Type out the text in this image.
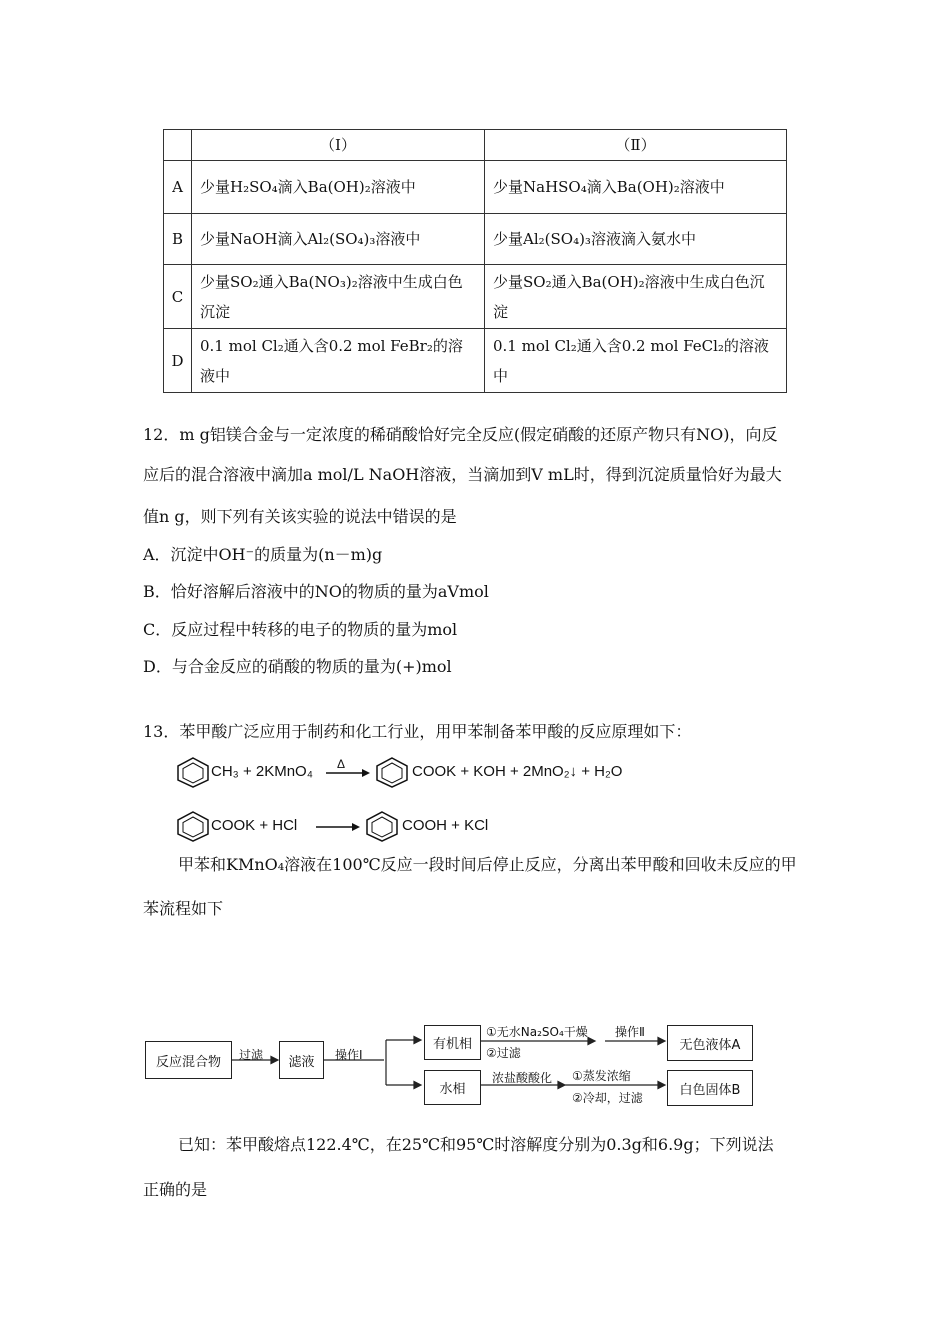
	（Ⅰ）	（Ⅱ）
A	少量H₂SO₄滴入Ba(OH)₂溶液中	少量NaHSO₄滴入Ba(OH)₂溶液中
B	少量NaOH滴入Al₂(SO₄)₃溶液中	少量Al₂(SO₄)₃溶液滴入氨水中
C	少量SO₂通入Ba(NO₃)₂溶液中生成白色沉淀	少量SO₂通入Ba(OH)₂溶液中生成白色沉淀
D	0.1 mol Cl₂通入含0.2 mol FeBr₂的溶液中	0.1 mol Cl₂通入含0.2 mol FeCl₂的溶液中
12．m g铝镁合金与一定浓度的稀硝酸恰好完全反应(假定硝酸的还原产物只有NO)，向反
应后的混合溶液中滴加a mol/L NaOH溶液，当滴加到V mL时，得到沉淀质量恰好为最大
值n g，则下列有关该实验的说法中错误的是
A．沉淀中OH⁻的质量为(n－m)g
B．恰好溶解后溶液中的NO的物质的量为aVmol
C．反应过程中转移的电子的物质的量为mol
D．与合金反应的硝酸的物质的量为(+)mol
13．苯甲酸广泛应用于制药和化工行业，用甲苯制备苯甲酸的反应原理如下：
CH₃ + 2KMnO₄ Δ	COOK + KOH + 2MnO₂↓ + H₂O
COOK + HCl →	COOH + KCl
甲苯和KMnO₄溶液在100℃反应一段时间后停止反应，分离出苯甲酸和回收未反应的甲
苯流程如下
反应混合物	过滤	滤液	操作Ⅰ
有机相
①无水Na₂SO₄干燥
②过滤
操作Ⅱ
无色液体A
水相
浓盐酸酸化 ①蒸发浓缩
②冷却，过滤
白色固体B
已知：苯甲酸熔点122.4℃，在25℃和95℃时溶解度分别为0.3g和6.9g；下列说法
正确的是
